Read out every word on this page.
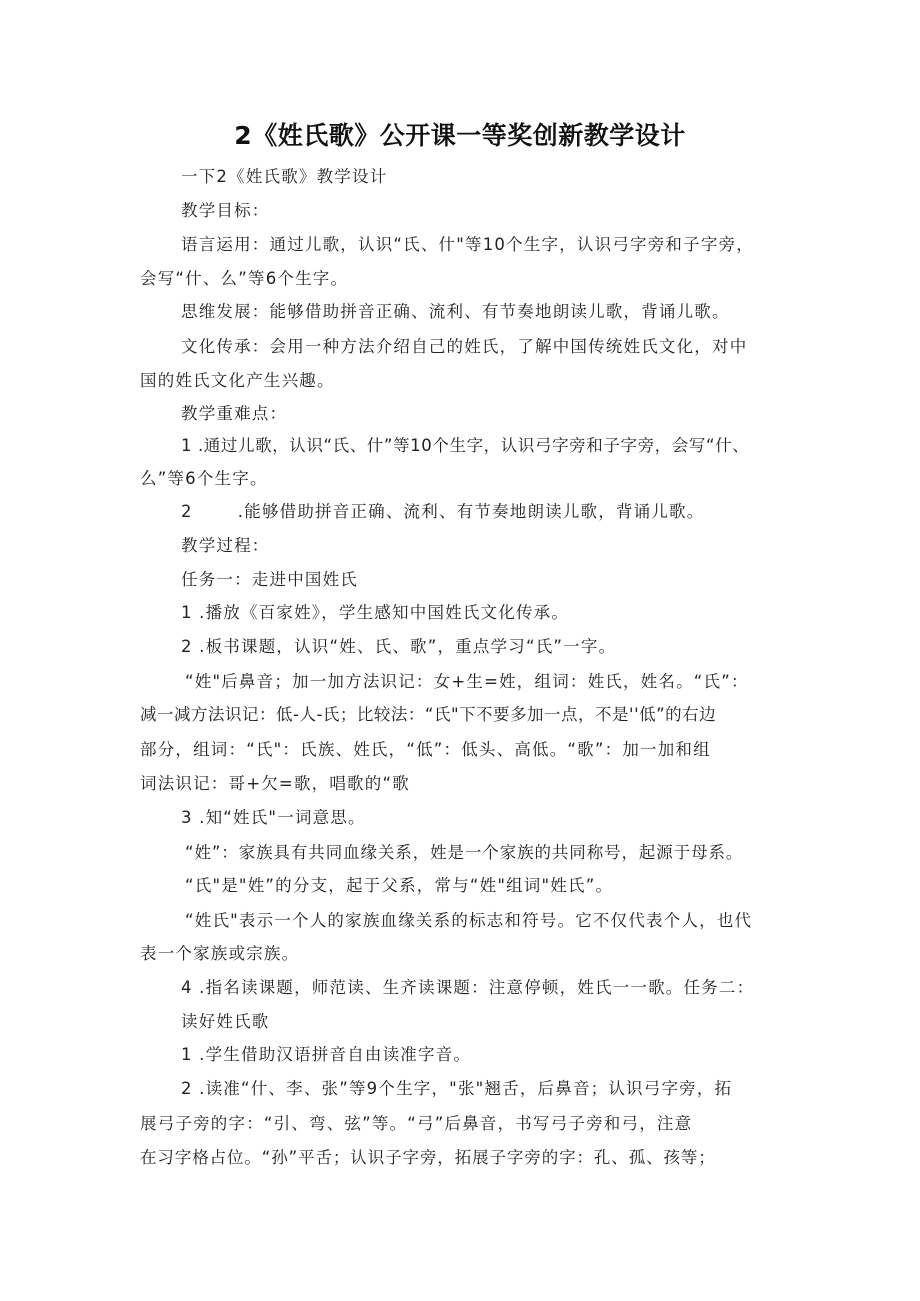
2《姓氏歌》公开课一等奖创新教学设计
一下2《姓氏歌》教学设计
教学目标：
语言运用：通过儿歌，认识“氏、什"等10个生字，认识弓字旁和子字旁，
会写“什、么”等6个生字。
思维发展：能够借助拼音正确、流利、有节奏地朗读儿歌，背诵儿歌。
文化传承：会用一种方法介绍自己的姓氏，了解中国传统姓氏文化，对中
国的姓氏文化产生兴趣。
教学重难点：
1 .通过儿歌，认识“氏、什”等10个生字，认识弓字旁和子字旁，会写“什、
么”等6个生字。
2       .能够借助拼音正确、流利、有节奏地朗读儿歌，背诵儿歌。
教学过程：
任务一：走进中国姓氏
1 .播放《百家姓》，学生感知中国姓氏文化传承。
2 .板书课题，认识“姓、氏、歌”，重点学习“氏”一字。
“姓"后鼻音；加一加方法识记：女+生=姓，组词：姓氏，姓名。“氏”：
减一减方法识记：低-人-氏；比较法：“氏"下不要多加一点，不是''低”的右边
部分，组词：“氏"：氏族、姓氏，“低”：低头、高低。“歌”：加一加和组
词法识记：哥+欠=歌，唱歌的“歌
3 .知“姓氏"一词意思。
“姓”：家族具有共同血缘关系，姓是一个家族的共同称号，起源于母系。
“氏"是"姓”的分支，起于父系，常与“姓"组词"姓氏”。
“姓氏"表示一个人的家族血缘关系的标志和符号。它不仅代表个人，也代
表一个家族或宗族。
4 .指名读课题，师范读、生齐读课题：注意停顿，姓氏一一歌。任务二：
读好姓氏歌
1 .学生借助汉语拼音自由读准字音。
2 .读准“什、李、张”等9个生字，"张"翘舌，后鼻音；认识弓字旁，拓
展弓子旁的字：“引、弯、弦”等。“弓”后鼻音，书写弓子旁和弓，注意
在习字格占位。“孙”平舌；认识子字旁，拓展子字旁的字：孔、孤、孩等；
